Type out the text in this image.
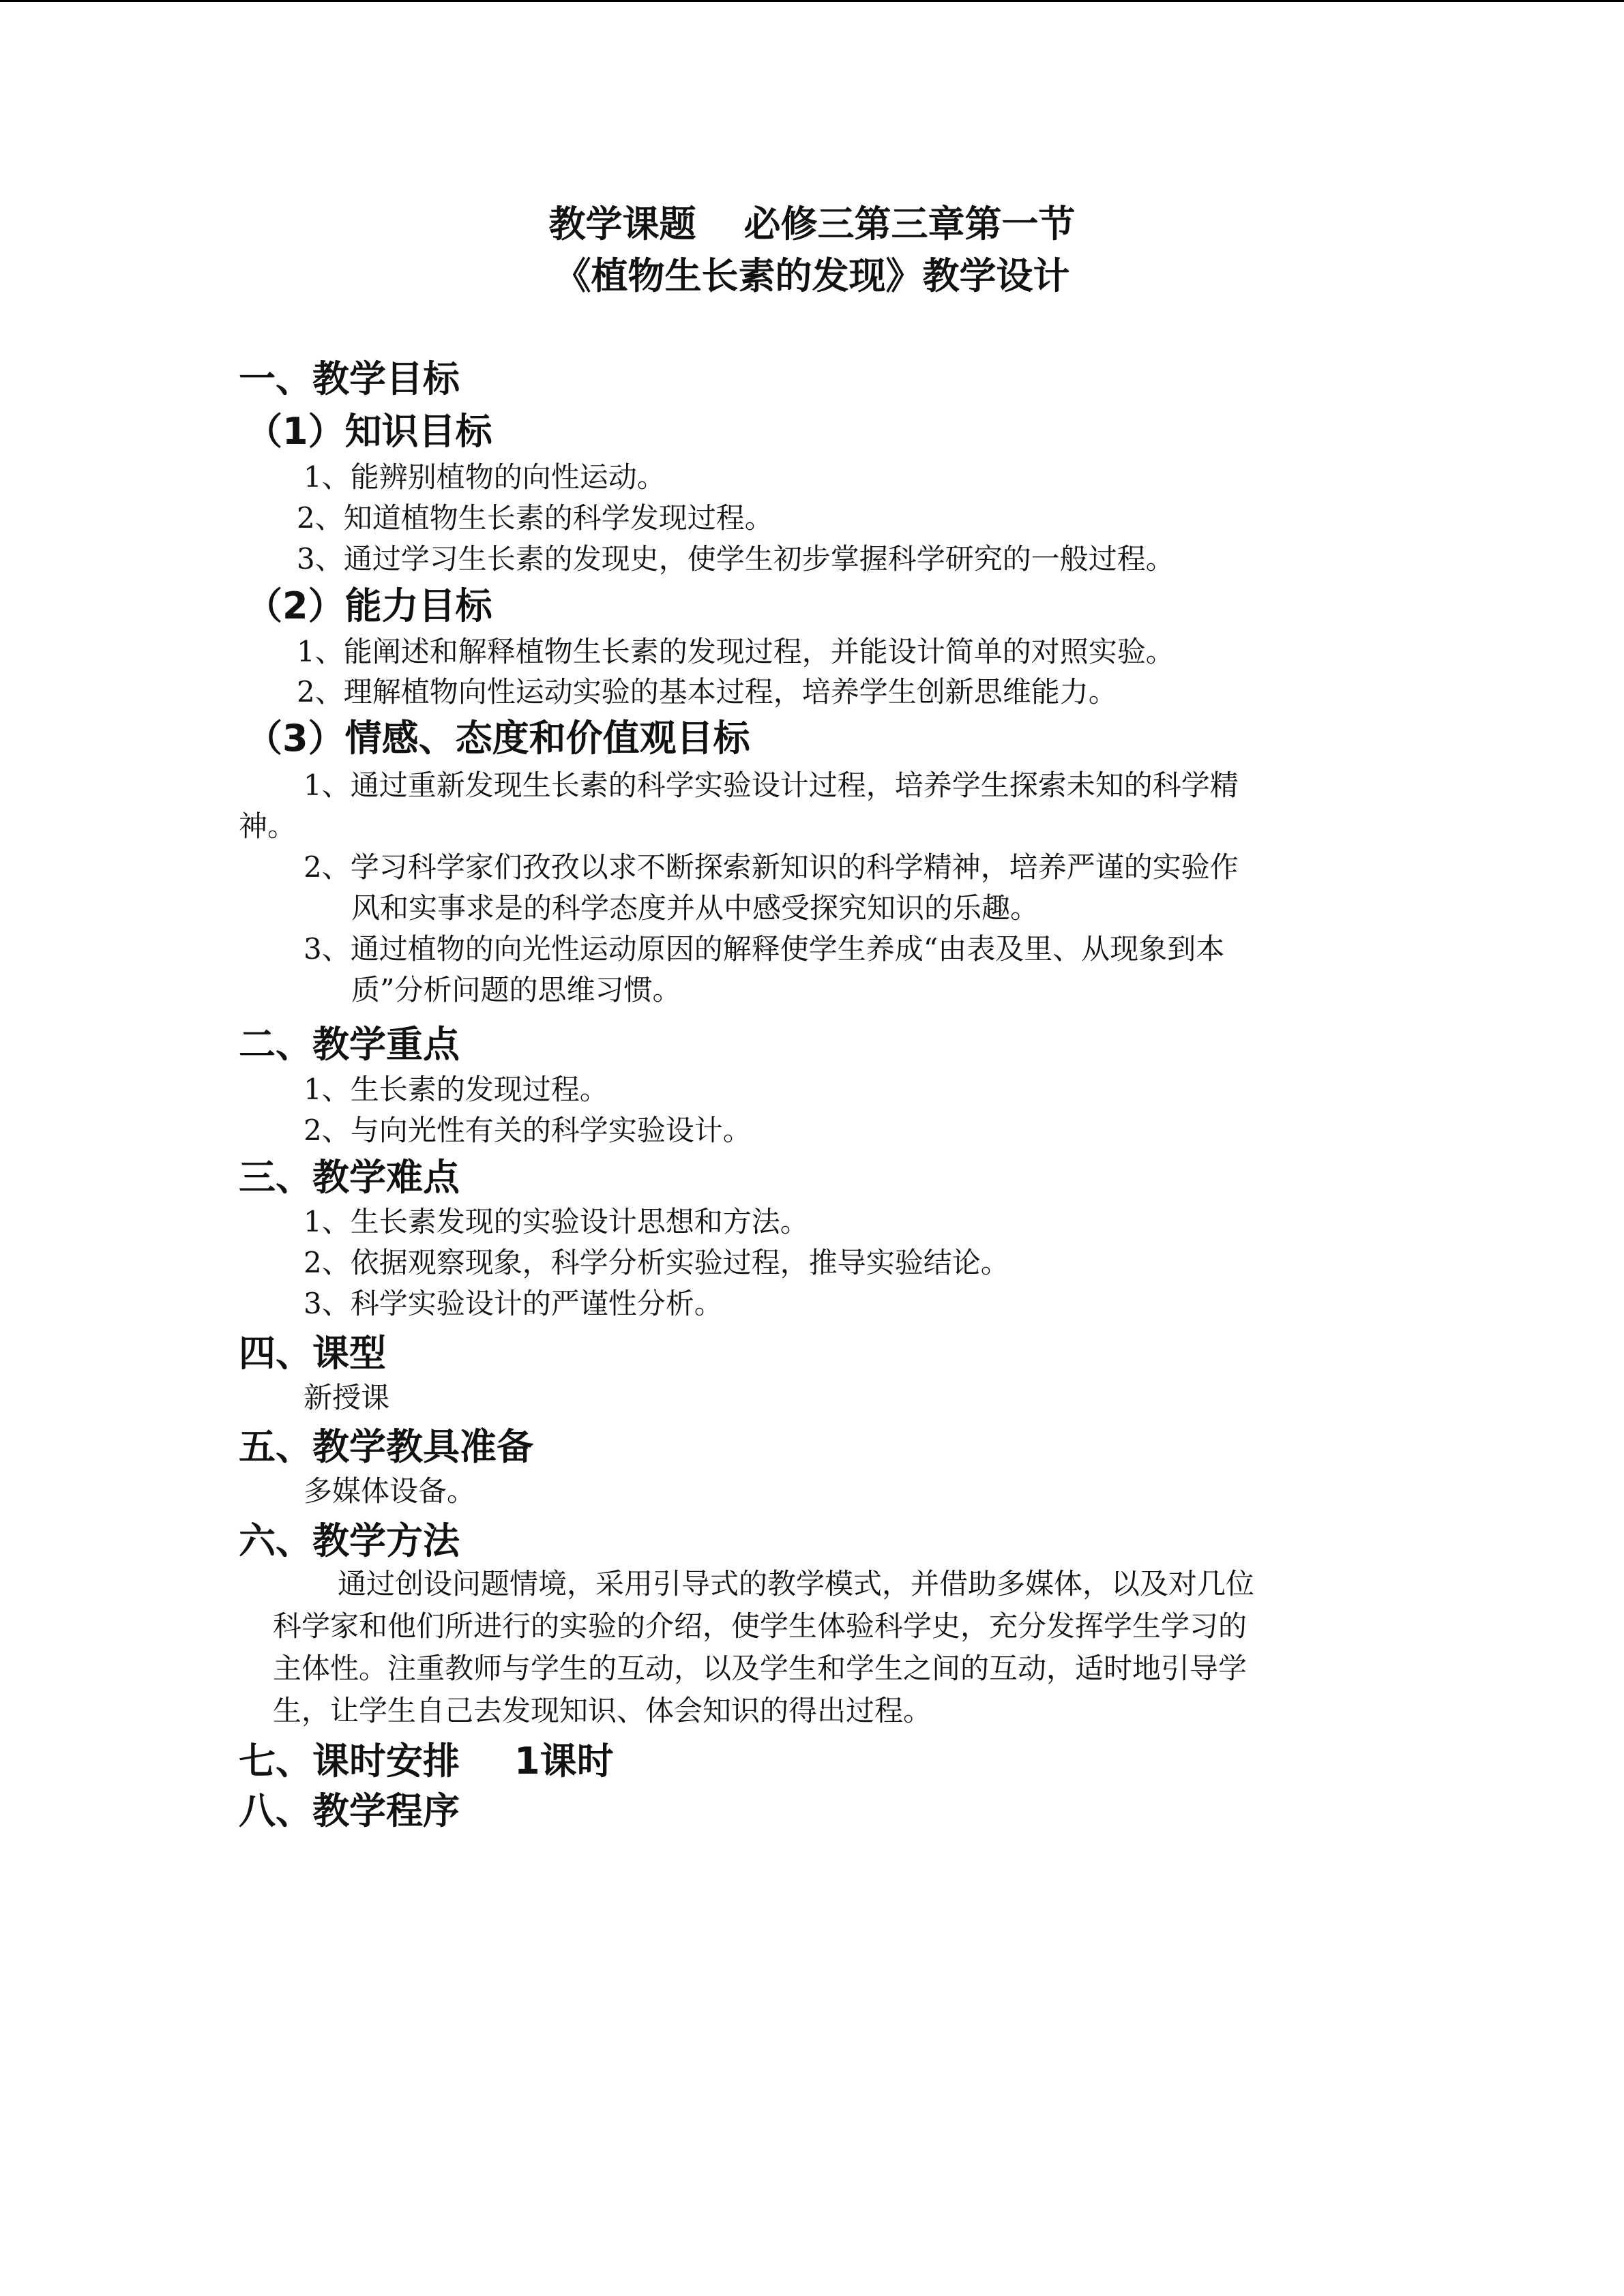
教学课题 必修三第三章第一节
《植物生长素的发现》教学设计
一、教学目标
（1）知识目标
1、能辨别植物的向性运动。
2、知道植物生长素的科学发现过程。
3、通过学习生长素的发现史，使学生初步掌握科学研究的一般过程。
（2）能力目标
1、能阐述和解释植物生长素的发现过程，并能设计简单的对照实验。
2、理解植物向性运动实验的基本过程，培养学生创新思维能力。
（3）情感、态度和价值观目标
1、通过重新发现生长素的科学实验设计过程，培养学生探索未知的科学精
神。
2、学习科学家们孜孜以求不断探索新知识的科学精神，培养严谨的实验作
风和实事求是的科学态度并从中感受探究知识的乐趣。
3、通过植物的向光性运动原因的解释使学生养成“由表及里、从现象到本
质”分析问题的思维习惯。
二、教学重点
1、生长素的发现过程。
2、与向光性有关的科学实验设计。
三、教学难点
1、生长素发现的实验设计思想和方法。
2、依据观察现象，科学分析实验过程，推导实验结论。
3、科学实验设计的严谨性分析。
四、课型
新授课
五、教学教具准备
多媒体设备。
六、教学方法
通过创设问题情境，采用引导式的教学模式，并借助多媒体，以及对几位
科学家和他们所进行的实验的介绍，使学生体验科学史，充分发挥学生学习的
主体性。注重教师与学生的互动，以及学生和学生之间的互动，适时地引导学
生，让学生自己去发现知识、体会知识的得出过程。
七、课时安排 1课时
八、教学程序
